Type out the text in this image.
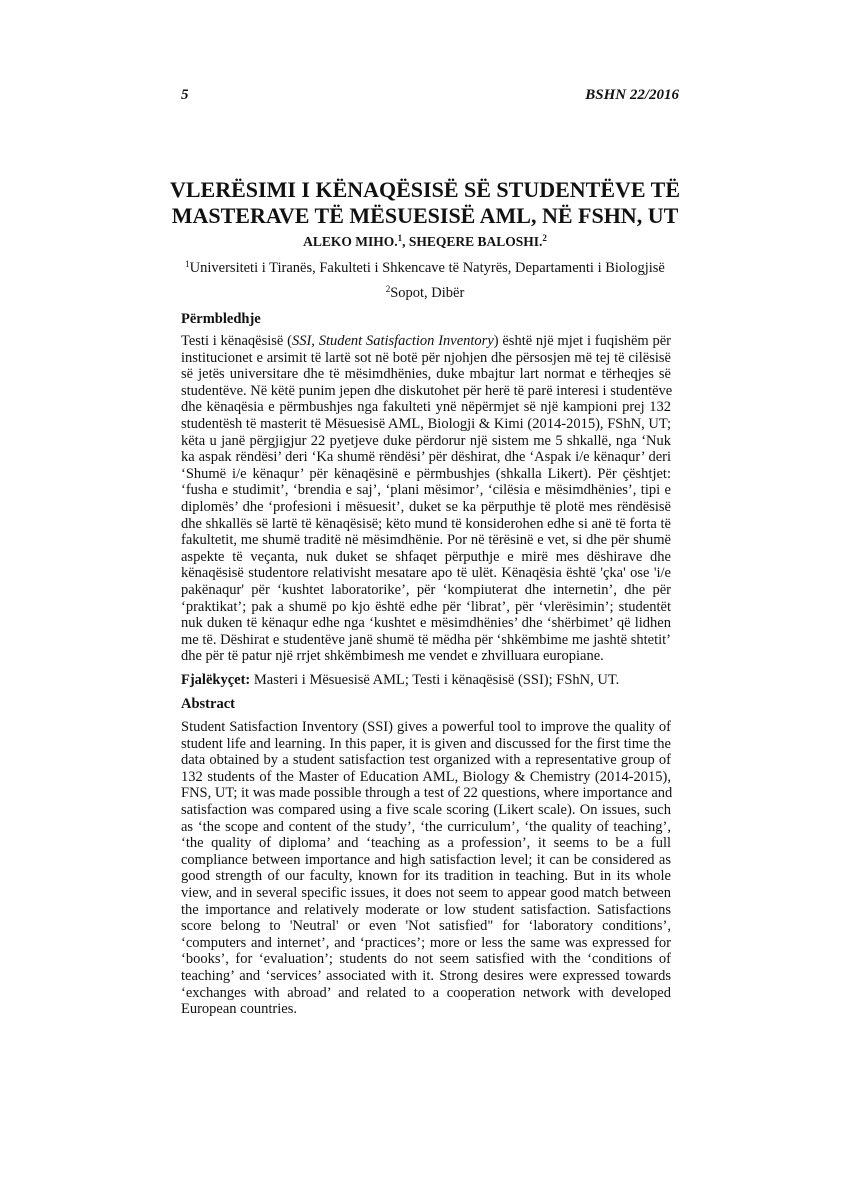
5	BSHN 22/2016
VLERËSIMI I KËNAQËSISË SË STUDENTËVE TË
MASTERAVE TË MËSUESISË AML, NË FSHN, UT
ALEKO MIHO.$^1$, SHEQERE BALOSHI.$^2$
$^1$Universiteti i Tiranës, Fakulteti i Shkencave të Natyrës, Departamenti i Biologjisë
$^2$Sopot, Dibër
Përmbledhje
Testi i kënaqësisë (SSI, Student Satisfaction Inventory) është një mjet i fuqishëm për
institucionet e arsimit të lartë sot në botë për njohjen dhe përsosjen më tej të cilësisë
së jetës universitare dhe të mësimdhënies, duke mbajtur lart normat e tërheqjes së
studentëve. Në këtë punim jepen dhe diskutohet për herë të parë interesi i studentëve
dhe kënaqësia e përmbushjes nga fakulteti ynë nëpërmjet së një kampioni prej 132
studentësh të masterit të Mësuesisë AML, Biologji & Kimi (2014-2015), FShN, UT;
këta u janë përgjigjur 22 pyetjeve duke përdorur një sistem me 5 shkallë, nga ‘Nuk
ka aspak rëndësi’ deri ‘Ka shumë rëndësi’ për dëshirat, dhe ‘Aspak i/e kënaqur’ deri
‘Shumë i/e kënaqur’ për kënaqësinë e përmbushjes (shkalla Likert). Për çështjet:
‘fusha e studimit’, ‘brendia e saj’, ‘plani mësimor’, ‘cilësia e mësimdhënies’, tipi e
diplomës’ dhe ‘profesioni i mësuesit’, duket se ka përputhje të plotë mes rëndësisë
dhe shkallës së lartë të kënaqësisë; këto mund të konsiderohen edhe si anë të forta të
fakultetit, me shumë traditë në mësimdhënie. Por në tërësinë e vet, si dhe për shumë
aspekte të veçanta, nuk duket se shfaqet përputhje e mirë mes dëshirave dhe
kënaqësisë studentore relativisht mesatare apo të ulët. Kënaqësia është 'çka' ose 'i/e
pakënaqur' për ‘kushtet laboratorike’, për ‘kompiuterat dhe internetin’, dhe për
‘praktikat’; pak a shumë po kjo është edhe për ‘librat’, për ‘vlerësimin’; studentët
nuk duken të kënaqur edhe nga ‘kushtet e mësimdhënies’ dhe ‘shërbimet’ që lidhen
me të. Dëshirat e studentëve janë shumë të mëdha për ‘shkëmbime me jashtë shtetit’
dhe për të patur një rrjet shkëmbimesh me vendet e zhvilluara europiane.
Fjalëkyçet: Masteri i Mësuesisë AML; Testi i kënaqësisë (SSI); FShN, UT.
Abstract
Student Satisfaction Inventory (SSI) gives a powerful tool to improve the quality of
student life and learning. In this paper, it is given and discussed for the first time the
data obtained by a student satisfaction test organized with a representative group of
132 students of the Master of Education AML, Biology & Chemistry (2014-2015),
FNS, UT; it was made possible through a test of 22 questions, where importance and
satisfaction was compared using a five scale scoring (Likert scale). On issues, such
as ‘the scope and content of the study’, ‘the curriculum’, ‘the quality of teaching’,
‘the quality of diploma’ and ‘teaching as a profession’, it seems to be a full
compliance between importance and high satisfaction level; it can be considered as
good strength of our faculty, known for its tradition in teaching. But in its whole
view, and in several specific issues, it does not seem to appear good match between
the importance and relatively moderate or low student satisfaction. Satisfactions
score belong to 'Neutral' or even 'Not satisfied" for ‘laboratory conditions’,
‘computers and internet’, and ‘practices’; more or less the same was expressed for
‘books’, for ‘evaluation’; students do not seem satisfied with the ‘conditions of
teaching’ and ‘services’ associated with it. Strong desires were expressed towards
‘exchanges with abroad’ and related to a cooperation network with developed
European countries.
